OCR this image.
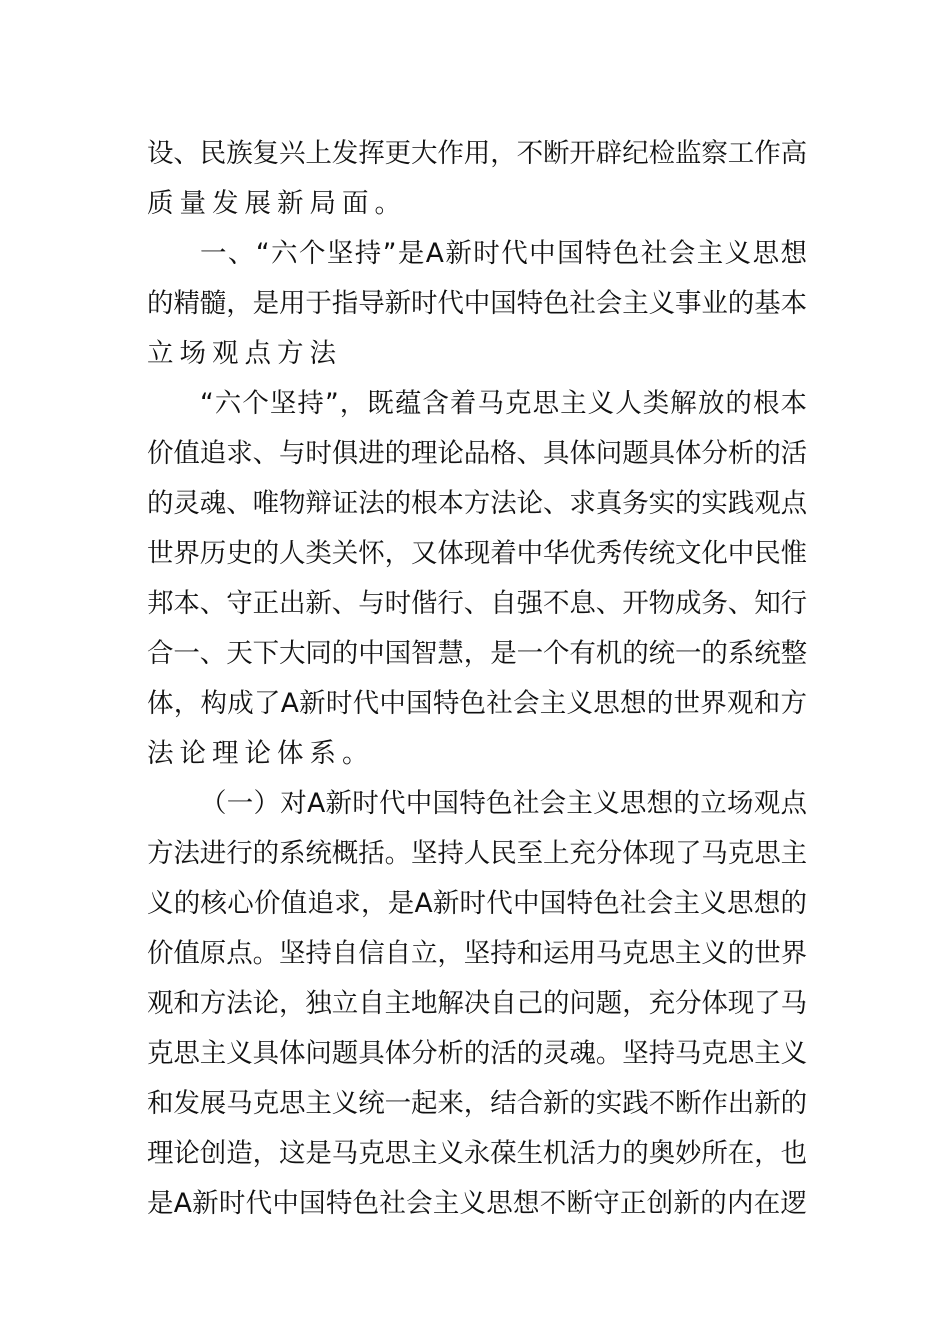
设、民族复兴上发挥更大作用，不断开辟纪检监察工作高
质量发展新局面。
一、“六个坚持”是A新时代中国特色社会主义思想
的精髓，是用于指导新时代中国特色社会主义事业的基本
立场观点方法
“六个坚持”，既蕴含着马克思主义人类解放的根本
价值追求、与时俱进的理论品格、具体问题具体分析的活
的灵魂、唯物辩证法的根本方法论、求真务实的实践观点
世界历史的人类关怀，又体现着中华优秀传统文化中民惟
邦本、守正出新、与时偕行、自强不息、开物成务、知行
合一、天下大同的中国智慧，是一个有机的统一的系统整
体，构成了A新时代中国特色社会主义思想的世界观和方
法论理论体系。
（一）对A新时代中国特色社会主义思想的立场观点
方法进行的系统概括。坚持人民至上充分体现了马克思主
义的核心价值追求，是A新时代中国特色社会主义思想的
价值原点。坚持自信自立，坚持和运用马克思主义的世界
观和方法论，独立自主地解决自己的问题，充分体现了马
克思主义具体问题具体分析的活的灵魂。坚持马克思主义
和发展马克思主义统一起来，结合新的实践不断作出新的
理论创造，这是马克思主义永葆生机活力的奥妙所在，也
是A新时代中国特色社会主义思想不断守正创新的内在逻
